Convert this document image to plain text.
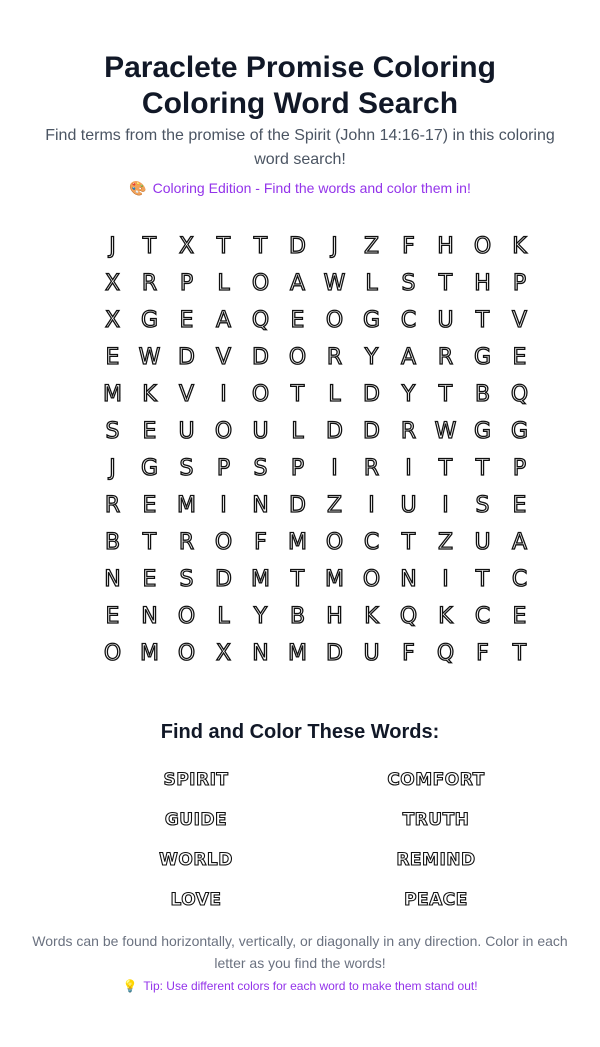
Paraclete Promise Coloring Coloring Word Search

Find terms from the promise of the Spirit (John 14:16-17) in this coloring word search!

🎨 Coloring Edition - Find the words and color them in!

J	T	X	T	T D	J	Z	F	H O K
X R	P	L	O A W L	S	T	H	P
X G E	A Q E O G C U	T	V
E W D V D O R	Y	A R G E
M K	V	I	O T	L	D Y	T	B Q
S	E U O U	L	D D R W G G
J	G S	P	S	P	I	R	I	T	T	P
R	E M	I	N D Z	I	U	I	S	E
B	T	R O	F M O C	T	Z U A
N E	S D M T M O N	I	T	C
E N O	L	Y	B H K Q K	C	E
O M O X N M D U	F	Q	F	T
Find and Color These Words:
SPIRIT	COMFORT
GUIDE	TRUTH
WORLD	REMIND
LOVE	PEACE

Words can be found horizontally, vertically, or diagonally in any direction. Color in each letter as you find the words!

💡 Tip: Use different colors for each word to make them stand out!
